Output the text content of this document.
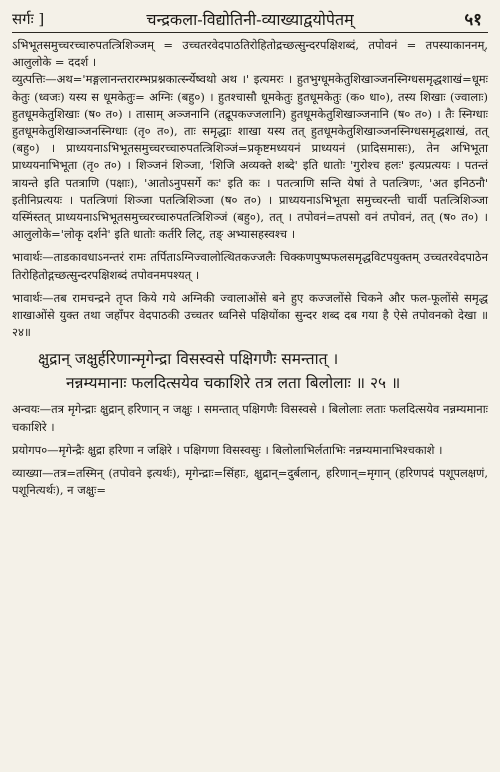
सर्गः ]	चन्द्रकला-विद्योतिनी-व्याख्याद्वयोपेतम्	५१

ऽभिभूतसमुच्चरच्चारुपतत्त्रिशिञ्जम् = उच्चतरवेदपाठतिरोहितोद्रच्छत्सुन्दरपक्षिशब्दं, तपोवनं = तपस्याकाननम्, आलुलोके = ददर्श ।

व्युत्पत्तिः—अथ='मङ्गलानन्तरारम्भप्रश्नकार्त्स्न्येष्वथो अथ ।' इत्यमरः । हुतभुग्धूमकेतुशिखाञ्जनस्निग्धसमृद्धशाखं=धूमः केतुः (ध्वजः) यस्य स धूमकेतुः= अग्निः (बहु०) । हुतश्चासौ धूमकेतुः हुतधूमकेतुः (क० धा०), तस्य शिखाः (ज्वालाः) हुतधूमकेतुशिखाः (ष० त०) । तासाम् अञ्जनानि (तद्रूपकज्जलानि) हुतधूमकेतुशिखाञ्जनानि (ष० त०) । तैः स्निग्धाः हुतधूमकेतुशिखाञ्जनस्निग्धाः (तृ० त०), ताः समृद्धाः शाखा यस्य तत् हुतधूमकेतुशिखाञ्जनस्निग्धसमृद्धशाखं, तत् (बहु०) । प्राध्ययनाऽभिभूतसमुच्चरच्चारुपतत्त्रिशिञ्जं=प्रकृष्टमध्ययनं प्राध्ययनं (प्रादिसमासः), तेन अभिभूता प्राध्ययनाभिभूता (तृ० त०) । शिञ्जनं शिञ्जा, 'शिजि अव्यक्ते शब्दे' इति धातोः 'गुरोश्च हलः' इत्यप्रत्ययः । पतन्तं त्रायन्ते इति पतत्राणि (पक्षाः), 'आतोऽनुपसर्गे कः' इति कः । पतत्त्राणि सन्ति येषां ते पतत्त्रिणः, 'अत इनिठनौ' इतीनिप्रत्ययः । पतत्त्रिणां शिञ्जा पतत्त्रिशिञ्जा (ष० त०) । प्राध्ययनाऽभिभूता समुच्चरन्ती चार्वी पतत्त्रिशिञ्जा यस्मिंस्तत् प्राध्ययनाऽभिभूतसमुच्चरच्चारुपतत्त्रिशिञ्जं (बहु०), तत् । तपोवनं=तपसो वनं तपोवनं, तत् (ष० त०) । आलुलोके='लोकृ दर्शने' इति धातोः कर्तरि लिट्, तङ् अभ्यासहस्वश्च ।

भावार्थः—ताडकावधाऽनन्तरं रामः तर्पिताऽग्निज्वालोत्थितकज्जलैः चिक्कणपुष्पफलसमृद्धविटपयुक्तम् उच्चतरवेदपाठेन तिरोहितोद्गच्छत्सुन्दरपक्षिशब्दं तपोवनमपश्यत् ।

भावार्थः—तब रामचन्द्रने तृप्त किये गये अग्निकी ज्वालाओंसे बने हुए कज्जलोंसे चिकने और फल-फूलोंसे समृद्ध शाखाओंसे युक्त तथा जहाँपर वेदपाठकी उच्चतर ध्वनिसे पक्षियोंका सुन्दर शब्द दब गया है ऐसे तपोवनको देखा ॥२४॥

क्षुद्रान् जक्षुर्हरिणान्मृगेन्द्रा विसस्वसे पक्षिगणैः समन्तात् ।

नन्नम्यमानाः फलदित्सयेव चकाशिरे तत्र लता बिलोलाः ॥ २५ ॥

अन्वयः—तत्र मृगेन्द्राः क्षुद्रान् हरिणान् न जक्षुः । समन्तात् पक्षिगणैः विसस्वसे । बिलोलाः लताः फलदित्सयेव नन्नम्यमानाः चकाशिरे ।

प्रयोगप०—मृगेन्द्रैः क्षुद्रा हरिणा न जक्षिरे । पक्षिगणा विसस्वसुः । बिलोलाभिर्लताभिः नन्नम्यमानाभिश्चकाशे ।

व्याख्या—तत्र=तस्मिन् (तपोवने इत्यर्थः), मृगेन्द्राः=सिंहाः, क्षुद्रान्=दुर्बलान्, हरिणान्=मृगान् (हरिणपदं पशूपलक्षणं, पशूनित्यर्थः), न जक्षुः=
